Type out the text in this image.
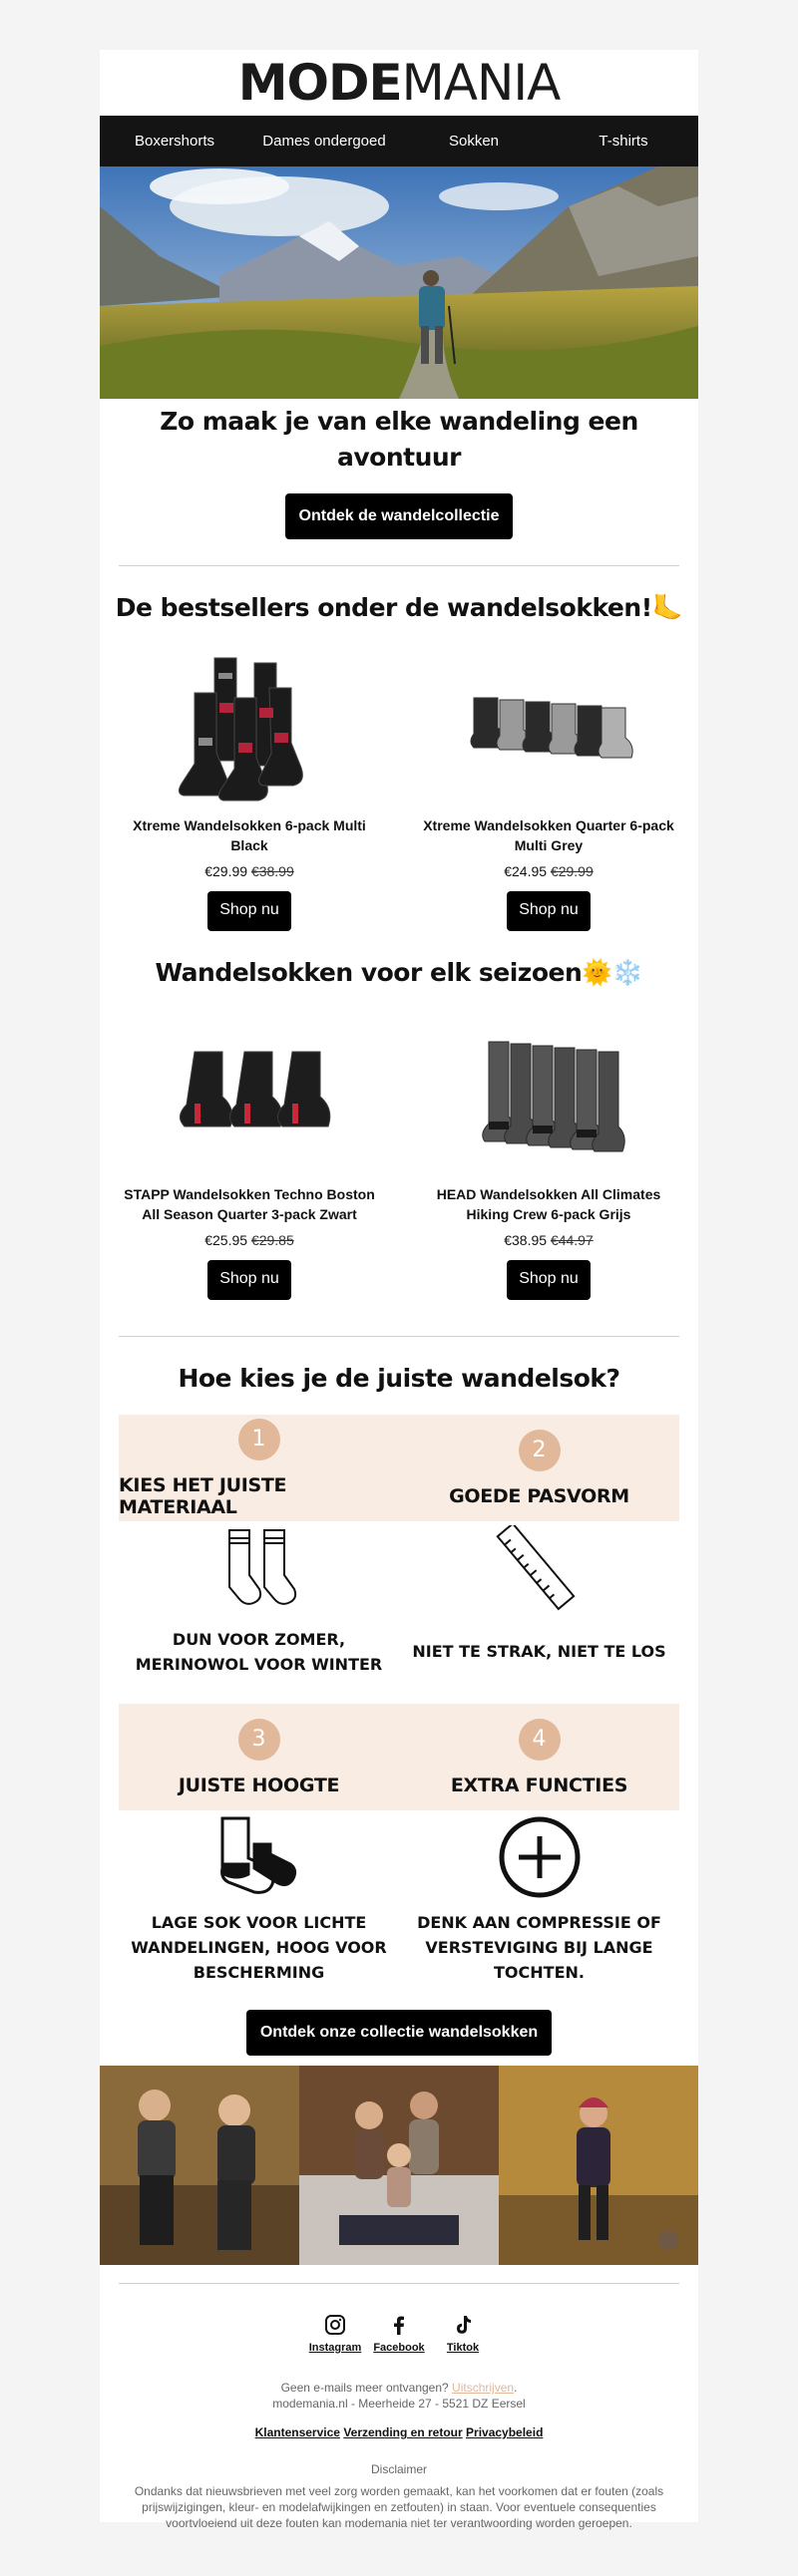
MODE MANIA
Boxershorts	Dames ondergoed	Sokken	T-shirts
Zo maak je van elke wandeling een avontuur
Ontdek de wandelcollectie
De bestsellers onder de wandelsokken!🦶
Xtreme Wandelsokken 6-pack Multi Black
€29.99 €38.99
Shop nu
Xtreme Wandelsokken Quarter 6-pack Multi Grey
€24.95 €29.99
Shop nu
Wandelsokken voor elk seizoen🌞❄️
STAPP Wandelsokken Techno Boston All Season Quarter 3-pack Zwart
€25.95 €29.85
Shop nu
HEAD Wandelsokken All Climates Hiking Crew 6-pack Grijs
€38.95 €44.97
Shop nu
Hoe kies je de juiste wandelsok?
1
KIES HET JUISTE MATERIAAL
2
GOEDE PASVORM
DUN VOOR ZOMER, MERINOWOL VOOR WINTER
NIET TE STRAK, NIET TE LOS
3
JUISTE HOOGTE
4
EXTRA FUNCTIES
LAGE SOK VOOR LICHTE WANDELINGEN, HOOG VOOR BESCHERMING
DENK AAN COMPRESSIE OF VERSTEVIGING BIJ LANGE TOCHTEN.
Ontdek onze collectie wandelsokken
Instagram Facebook Tiktok
Geen e-mails meer ontvangen? Uitschrijven.
modemania.nl - Meerheide 27 - 5521 DZ Eersel
Klantenservice Verzending en retour Privacybeleid
Disclaimer
Ondanks dat nieuwsbrieven met veel zorg worden gemaakt, kan het voorkomen dat er fouten (zoals prijswijzigingen, kleur- en modelafwijkingen en zetfouten) in staan. Voor eventuele consequenties voortvloeiend uit deze fouten kan modemania niet ter verantwoording worden geroepen.
